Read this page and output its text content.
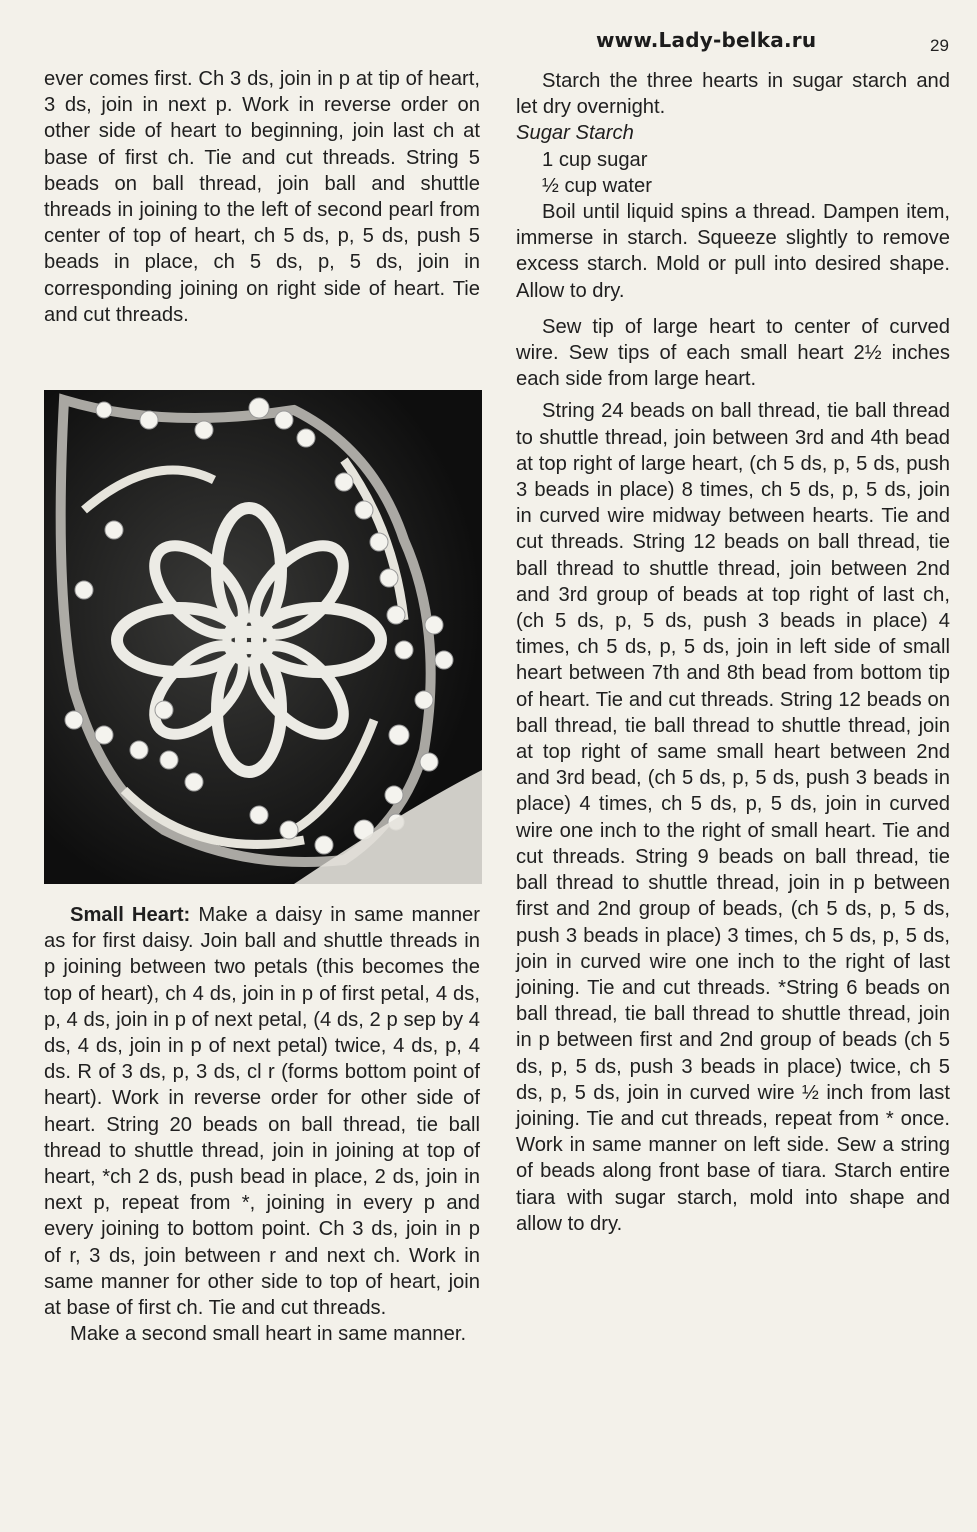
www.Lady-belka.ru	29

ever comes first. Ch 3 ds, join in p at tip of heart, 3 ds, join in next p. Work in reverse order on other side of heart to beginning, join last ch at base of first ch. Tie and cut threads. String 5 beads on ball thread, join ball and shuttle threads in joining to the left of second pearl from center of top of heart, ch 5 ds, p, 5 ds, push 5 beads in place, ch 5 ds, p, 5 ds, join in corresponding joining on right side of heart. Tie and cut threads.

Small Heart: Make a daisy in same manner as for first daisy. Join ball and shuttle threads in p joining between two petals (this becomes the top of heart), ch 4 ds, join in p of first petal, 4 ds, p, 4 ds, join in p of next petal, (4 ds, 2 p sep by 4 ds, 4 ds, join in p of next petal) twice, 4 ds, p, 4 ds. R of 3 ds, p, 3 ds, cl r (forms bottom point of heart). Work in reverse order for other side of heart. String 20 beads on ball thread, tie ball thread to shuttle thread, join in joining at top of heart, *ch 2 ds, push bead in place, 2 ds, join in next p, repeat from *, joining in every p and every joining to bottom point. Ch 3 ds, join in p of r, 3 ds, join between r and next ch. Work in same manner for other side to top of heart, join at base of first ch. Tie and cut threads.

Make a second small heart in same manner.

Starch the three hearts in sugar starch and let dry overnight.

Sugar Starch

1 cup sugar

½ cup water

Boil until liquid spins a thread. Dampen item, immerse in starch. Squeeze slightly to remove excess starch. Mold or pull into desired shape. Allow to dry.

Sew tip of large heart to center of curved wire. Sew tips of each small heart 2½ inches each side from large heart.

String 24 beads on ball thread, tie ball thread to shuttle thread, join between 3rd and 4th bead at top right of large heart, (ch 5 ds, p, 5 ds, push 3 beads in place) 8 times, ch 5 ds, p, 5 ds, join in curved wire midway between hearts. Tie and cut threads. String 12 beads on ball thread, tie ball thread to shuttle thread, join between 2nd and 3rd group of beads at top right of last ch, (ch 5 ds, p, 5 ds, push 3 beads in place) 4 times, ch 5 ds, p, 5 ds, join in left side of small heart between 7th and 8th bead from bottom tip of heart. Tie and cut threads. String 12 beads on ball thread, tie ball thread to shuttle thread, join at top right of same small heart between 2nd and 3rd bead, (ch 5 ds, p, 5 ds, push 3 beads in place) 4 times, ch 5 ds, p, 5 ds, join in curved wire one inch to the right of small heart. Tie and cut threads. String 9 beads on ball thread, tie ball thread to shuttle thread, join in p between first and 2nd group of beads, (ch 5 ds, p, 5 ds, push 3 beads in place) 3 times, ch 5 ds, p, 5 ds, join in curved wire one inch to the right of last joining. Tie and cut threads. *String 6 beads on ball thread, tie ball thread to shuttle thread, join in p between first and 2nd group of beads (ch 5 ds, p, 5 ds, push 3 beads in place) twice, ch 5 ds, p, 5 ds, join in curved wire ½ inch from last joining. Tie and cut threads, repeat from * once. Work in same manner on left side. Sew a string of beads along front base of tiara. Starch entire tiara with sugar starch, mold into shape and allow to dry.
